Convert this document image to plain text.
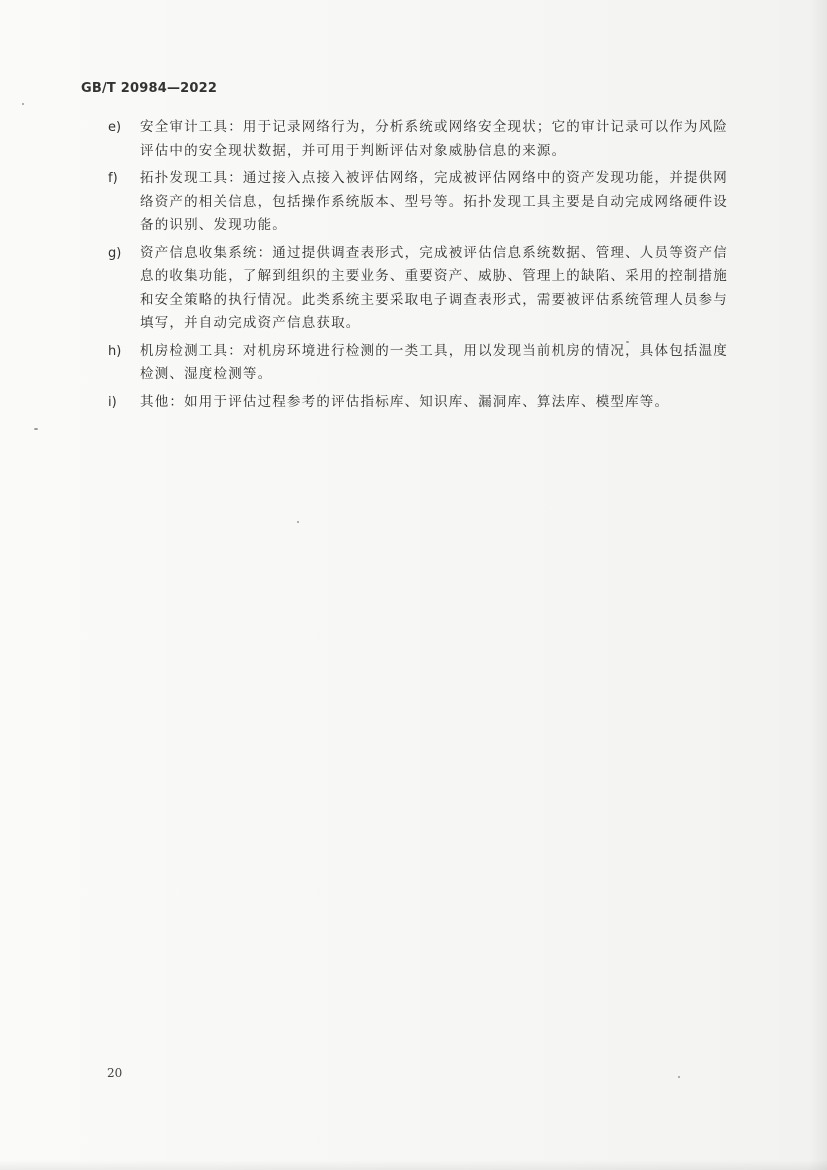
GB/T 20984—2022
e) 安全审计工具：用于记录网络行为，分析系统或网络安全现状；它的审计记录可以作为风险评估中的安全现状数据，并可用于判断评估对象威胁信息的来源。
f) 拓扑发现工具：通过接入点接入被评估网络，完成被评估网络中的资产发现功能，并提供网络资产的相关信息，包括操作系统版本、型号等。拓扑发现工具主要是自动完成网络硬件设备的识别、发现功能。
g) 资产信息收集系统：通过提供调查表形式，完成被评估信息系统数据、管理、人员等资产信息的收集功能，了解到组织的主要业务、重要资产、威胁、管理上的缺陷、采用的控制措施和安全策略的执行情况。此类系统主要采取电子调查表形式，需要被评估系统管理人员参与填写，并自动完成资产信息获取。
h) 机房检测工具：对机房环境进行检测的一类工具，用以发现当前机房的情况，具体包括温度检测、湿度检测等。
i) 其他：如用于评估过程参考的评估指标库、知识库、漏洞库、算法库、模型库等。
20
